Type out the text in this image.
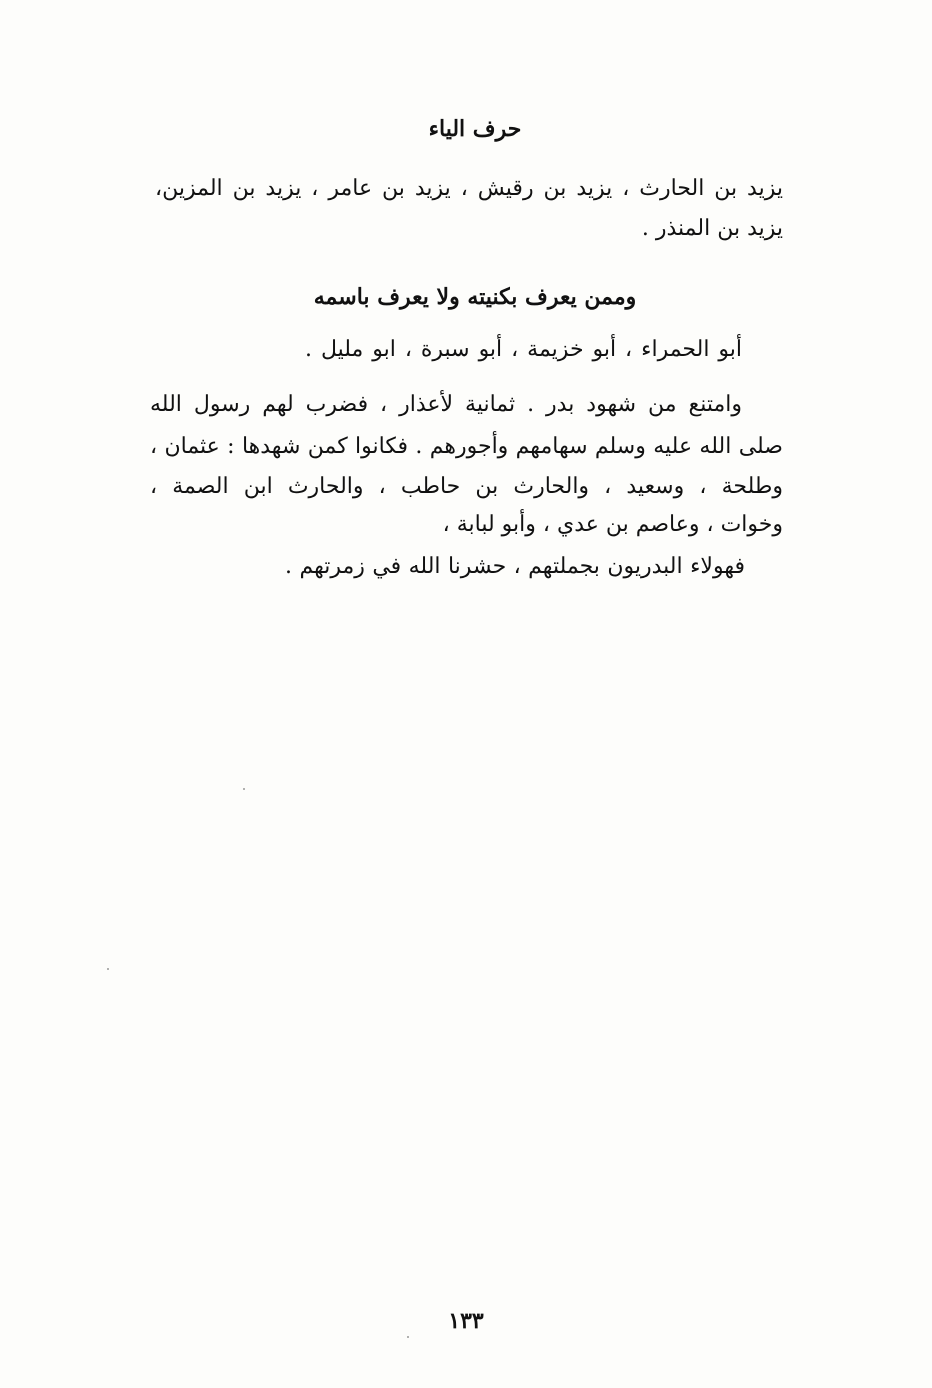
حرف الياء
يزيد بن الحارث ، يزيد بن رقيش ، يزيد بن عامر ، يزيد بن المزين،
يزيد بن المنذر .
وممن يعرف بكنيته ولا يعرف باسمه
أبو الحمراء ، أبو خزيمة ، أبو سبرة ، ابو مليل .
وامتنع من شهود بدر . ثمانية لأعذار ، فضرب لهم رسول الله
صلى الله عليه وسلم سهامهم وأجورهم . فكانوا كمن شهدها : عثمان ،
وطلحة ، وسعيد ، والحارث بن حاطب ، والحارث ابن الصمة ،
وخوات ، وعاصم بن عدي ، وأبو لبابة ،
فهولاء البدريون بجملتهم ، حشرنا الله في زمرتهم .
١٣٣
